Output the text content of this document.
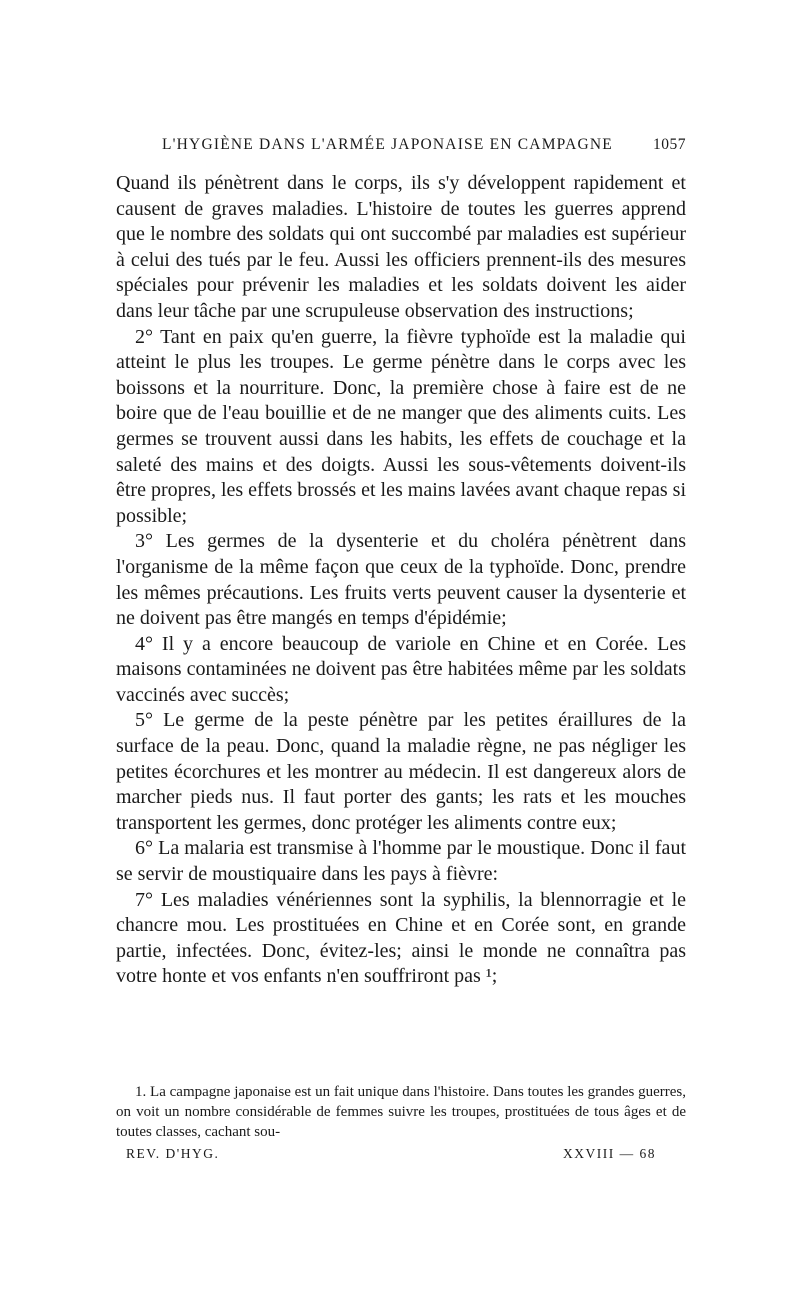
L'HYGIÈNE DANS L'ARMÉE JAPONAISE EN CAMPAGNE	1057

Quand ils pénètrent dans le corps, ils s'y développent rapidement et causent de graves maladies. L'histoire de toutes les guerres apprend que le nombre des soldats qui ont succombé par maladies est supérieur à celui des tués par le feu. Aussi les officiers prennent-ils des mesures spéciales pour prévenir les maladies et les soldats doivent les aider dans leur tâche par une scrupuleuse observation des instructions;

2° Tant en paix qu'en guerre, la fièvre typhoïde est la maladie qui atteint le plus les troupes. Le germe pénètre dans le corps avec les boissons et la nourriture. Donc, la première chose à faire est de ne boire que de l'eau bouillie et de ne manger que des aliments cuits. Les germes se trouvent aussi dans les habits, les effets de couchage et la saleté des mains et des doigts. Aussi les sous-vêtements doivent-ils être propres, les effets brossés et les mains lavées avant chaque repas si possible;

3° Les germes de la dysenterie et du choléra pénètrent dans l'organisme de la même façon que ceux de la typhoïde. Donc, prendre les mêmes précautions. Les fruits verts peuvent causer la dysenterie et ne doivent pas être mangés en temps d'épidémie;

4° Il y a encore beaucoup de variole en Chine et en Corée. Les maisons contaminées ne doivent pas être habitées même par les soldats vaccinés avec succès;

5° Le germe de la peste pénètre par les petites éraillures de la surface de la peau. Donc, quand la maladie règne, ne pas négliger les petites écorchures et les montrer au médecin. Il est dangereux alors de marcher pieds nus. Il faut porter des gants; les rats et les mouches transportent les germes, donc protéger les aliments contre eux;

6° La malaria est transmise à l'homme par le moustique. Donc il faut se servir de moustiquaire dans les pays à fièvre:

7° Les maladies vénériennes sont la syphilis, la blennorragie et le chancre mou. Les prostituées en Chine et en Corée sont, en grande partie, infectées. Donc, évitez-les; ainsi le monde ne connaîtra pas votre honte et vos enfants n'en souffriront pas ¹;

1. La campagne japonaise est un fait unique dans l'histoire. Dans toutes les grandes guerres, on voit un nombre considérable de femmes suivre les troupes, prostituées de tous âges et de toutes classes, cachant sou-

REV. D'HYG.	XXVIII — 68
